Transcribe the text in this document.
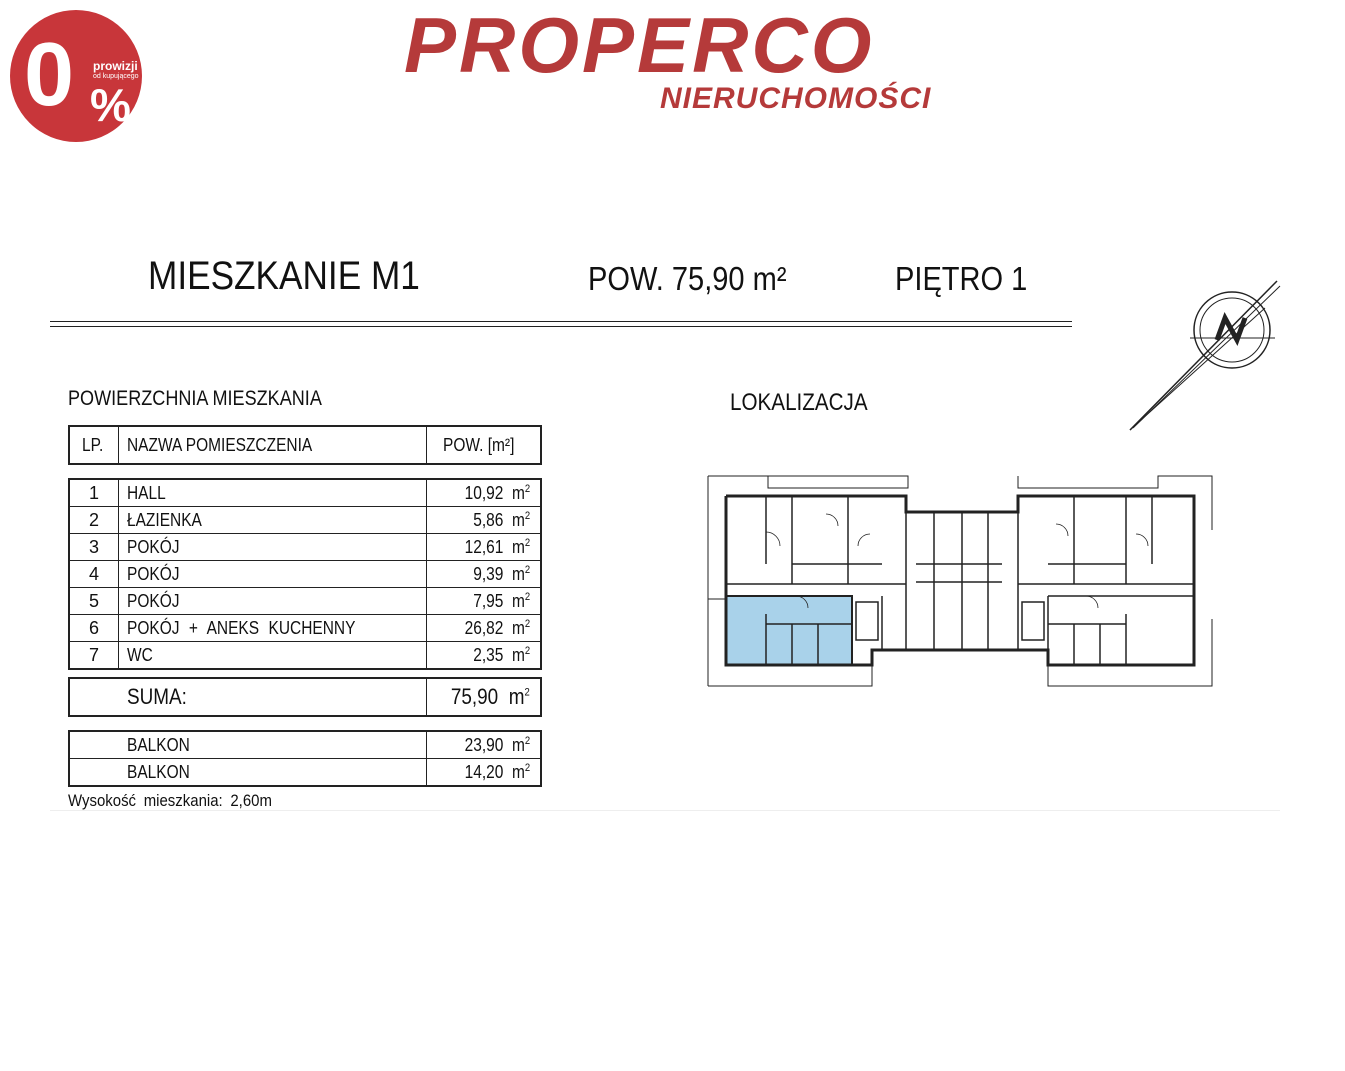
0 prowizji
od kupującego
%
PROPERCO
NIERUCHOMOŚCI
MIESZKANIE M1	POW. 75,90 m²	PIĘTRO 1
POWIERZCHNIA MIESZKANIA	LOKALIZACJA
LP.	NAZWA POMIESZCZENIA	POW. [m²]
1	HALL	10,92 $m^2$
2	ŁAZIENKA	5,86 $m^2$
3	POKÓJ	12,61 $m^2$
4	POKÓJ	9,39 $m^2$
5	POKÓJ	7,95 $m^2$
6	POKÓJ + ANEKS KUCHENNY	26,82 $m^2$
7	WC	2,35 $m^2$
SUMA:	75,90 $m^2$
BALKON	23,90 $m^2$
BALKON	14,20 $m^2$
Wysokość mieszkania: 2,60m
